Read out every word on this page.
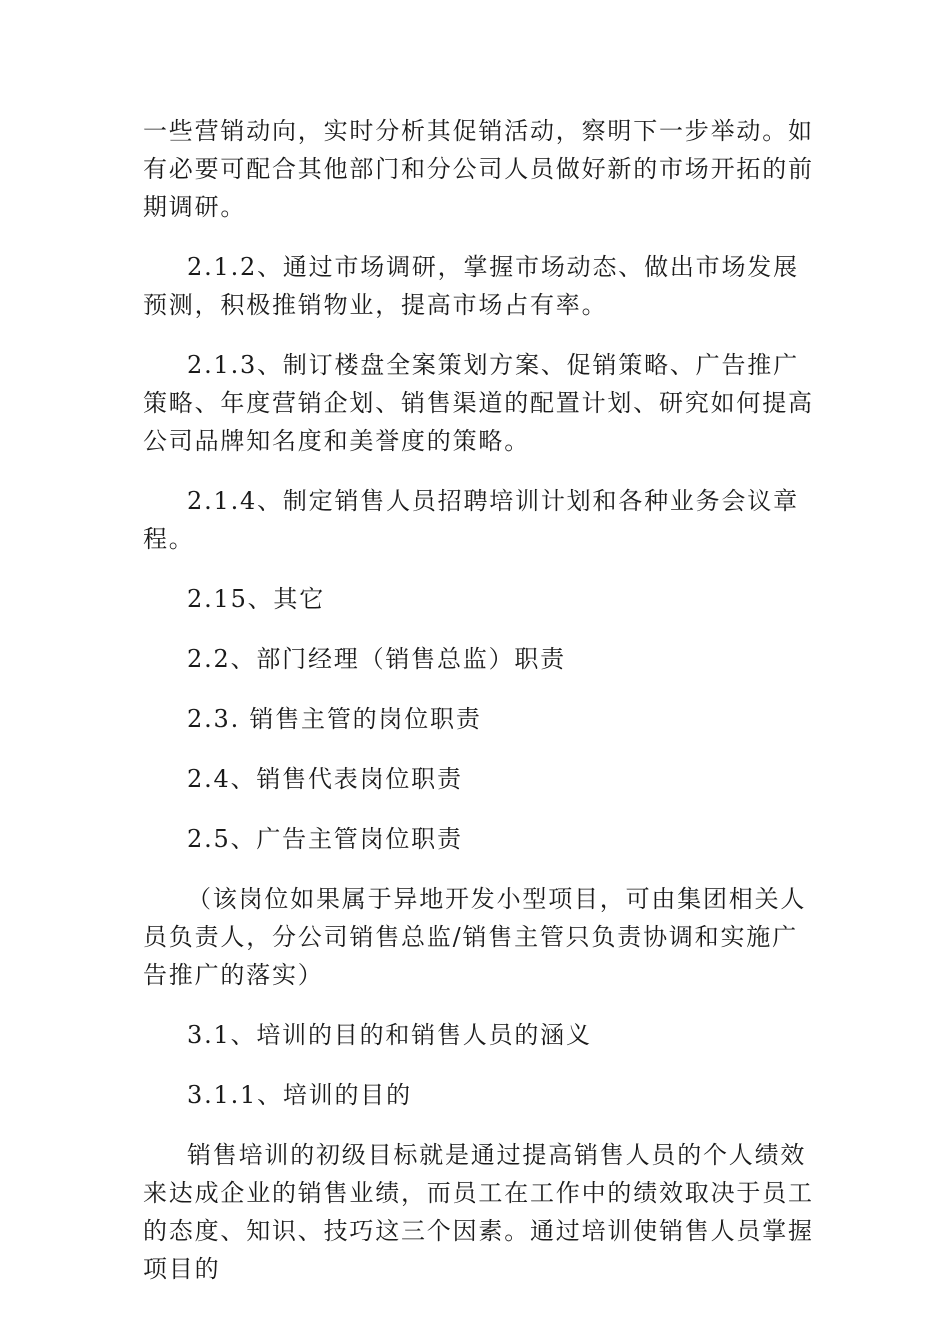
一些营销动向，实时分析其促销活动，察明下一步举动。如有必要可配合其他部门和分公司人员做好新的市场开拓的前期调研。

2.1.2、通过市场调研，掌握市场动态、做出市场发展预测，积极推销物业，提高市场占有率。

2.1.3、制订楼盘全案策划方案、促销策略、广告推广策略、年度营销企划、销售渠道的配置计划、研究如何提高公司品牌知名度和美誉度的策略。

2.1.4、制定销售人员招聘培训计划和各种业务会议章程。

2.15、其它

2.2、部门经理（销售总监）职责

2.3. 销售主管的岗位职责

2.4、销售代表岗位职责

2.5、广告主管岗位职责

（该岗位如果属于异地开发小型项目，可由集团相关人员负责人，分公司销售总监/销售主管只负责协调和实施广告推广的落实）

3.1、培训的目的和销售人员的涵义

3.1.1、培训的目的

销售培训的初级目标就是通过提高销售人员的个人绩效来达成企业的销售业绩，而员工在工作中的绩效取决于员工的态度、知识、技巧这三个因素。通过培训使销售人员掌握项目的
